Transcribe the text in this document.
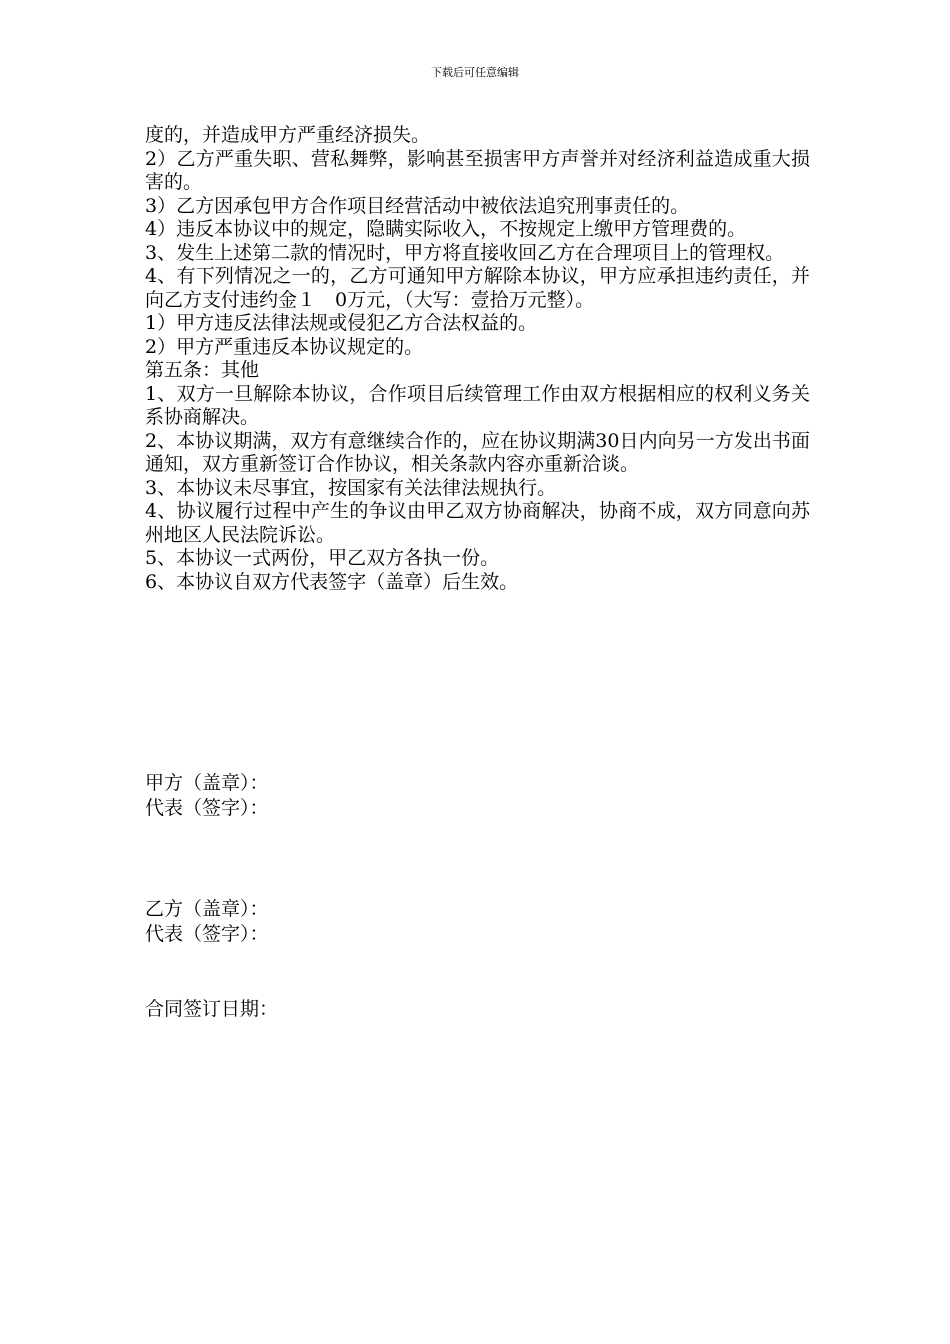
下载后可任意编辑

度的，并造成甲方严重经济损失。

2）乙方严重失职、营私舞弊，影响甚至损害甲方声誉并对经济利益造成重大损害的。

3）乙方因承包甲方合作项目经营活动中被依法追究刑事责任的。

4）违反本协议中的规定，隐瞒实际收入，不按规定上缴甲方管理费的。

3、发生上述第二款的情况时，甲方将直接收回乙方在合理项目上的管理权。

4、有下列情况之一的，乙方可通知甲方解除本协议，甲方应承担违约责任，并向乙方支付违约金１　0万元，（大写：壹拾万元整）。

1）甲方违反法律法规或侵犯乙方合法权益的。

2）甲方严重违反本协议规定的。

第五条：其他

1、双方一旦解除本协议，合作项目后续管理工作由双方根据相应的权利义务关系协商解决。

2、本协议期满，双方有意继续合作的，应在协议期满30日内向另一方发出书面通知，双方重新签订合作协议，相关条款内容亦重新洽谈。

3、本协议未尽事宜，按国家有关法律法规执行。

4、协议履行过程中产生的争议由甲乙双方协商解决，协商不成，双方同意向苏州地区人民法院诉讼。

5、本协议一式两份，甲乙双方各执一份。

6、本协议自双方代表签字（盖章）后生效。

甲方（盖章）：

代表（签字）：

乙方（盖章）：

代表（签字）：

合同签订日期：
